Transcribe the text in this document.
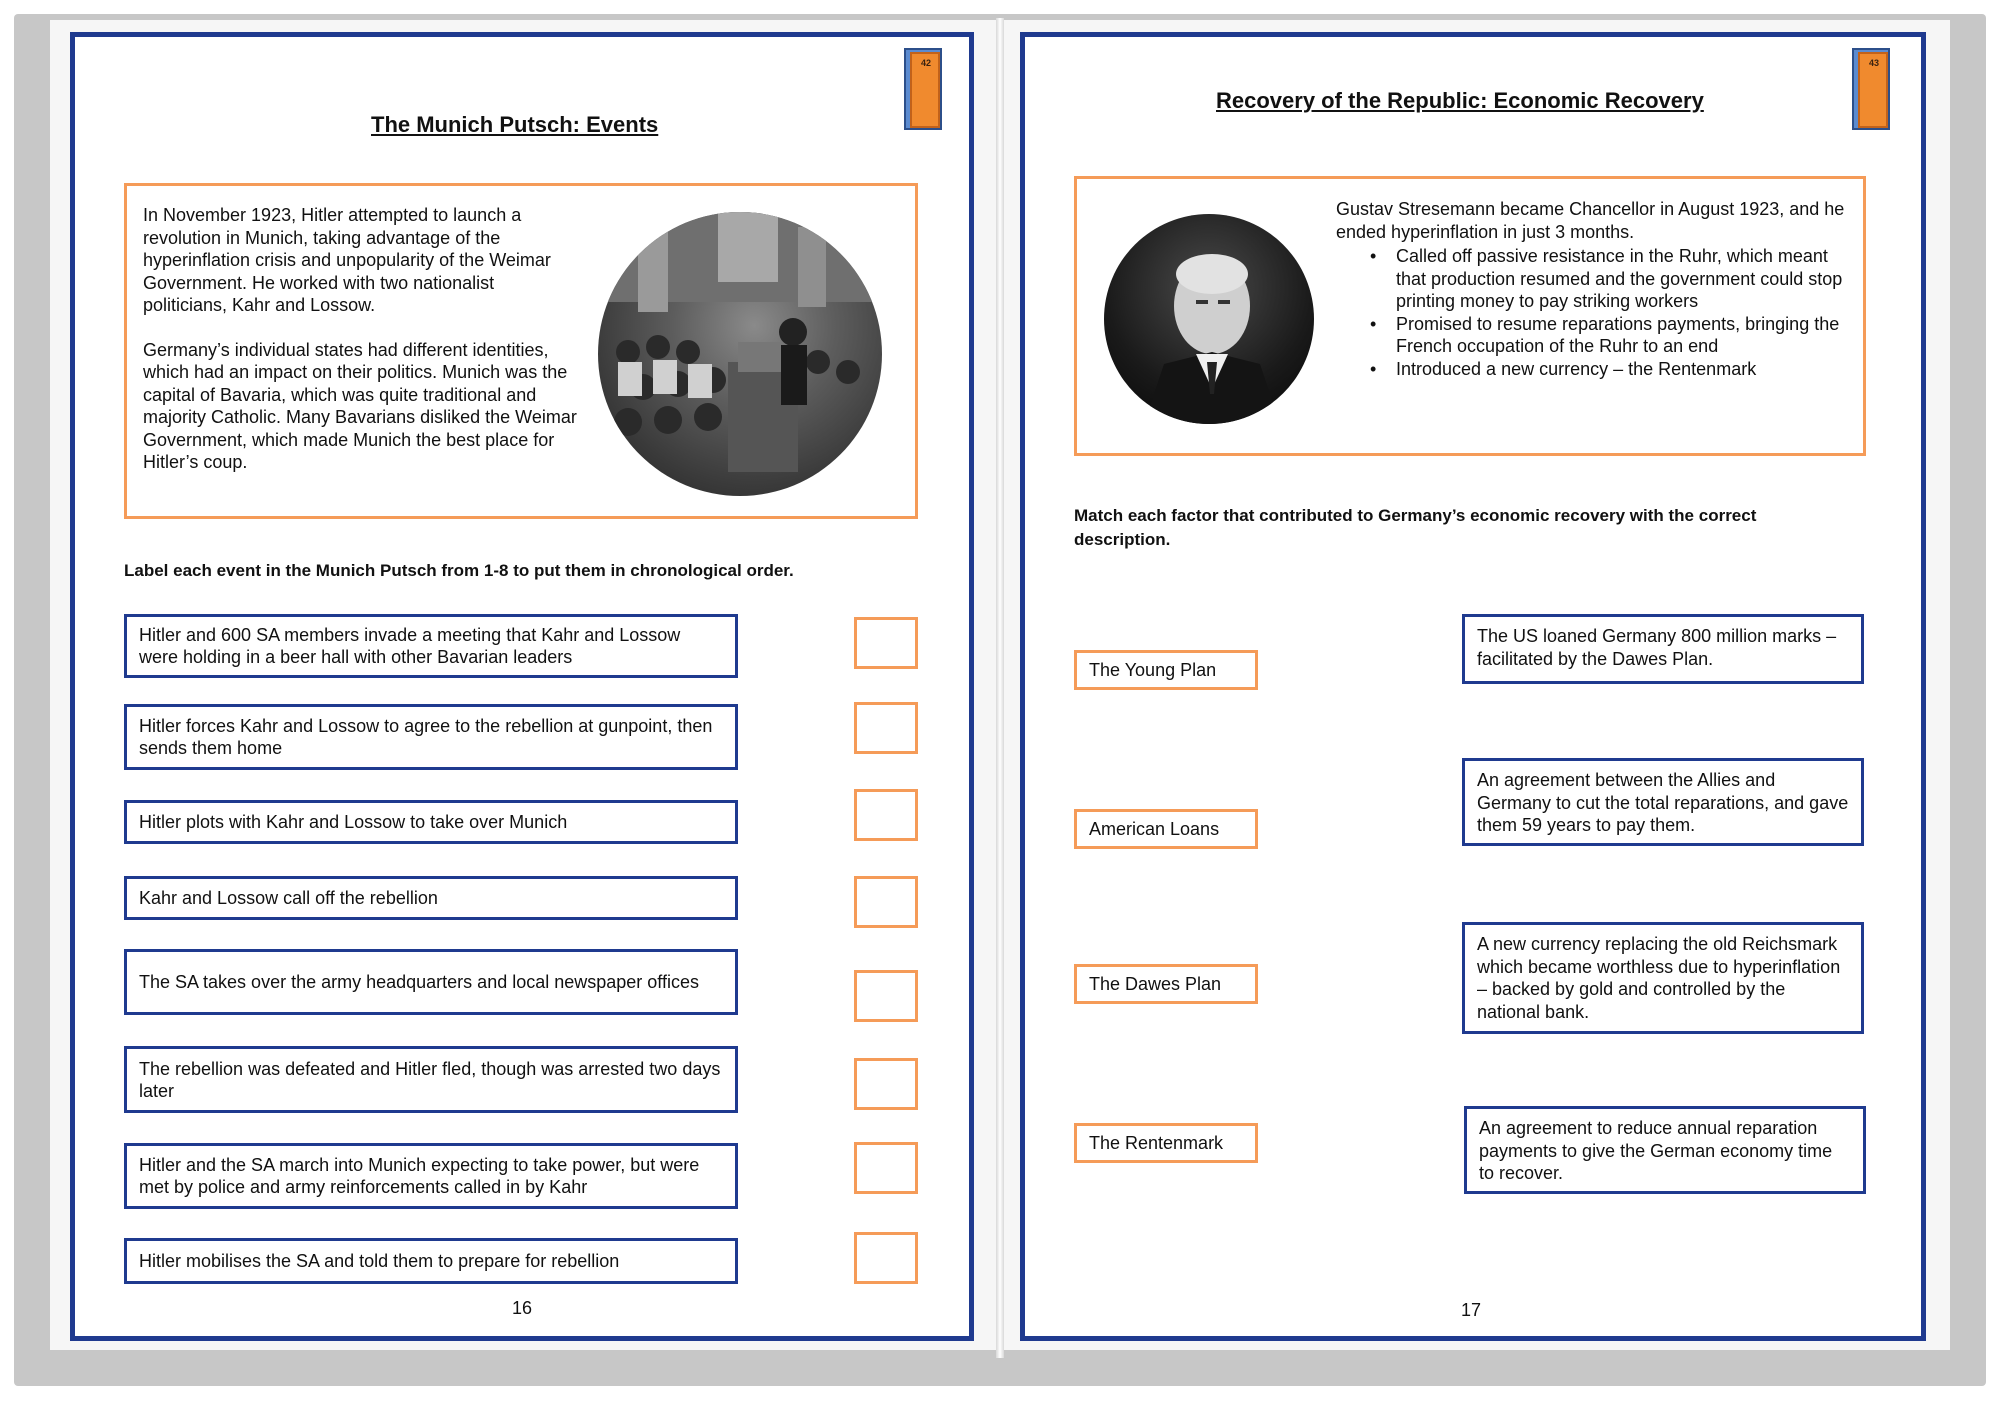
42
The Munich Putsch: Events

In November 1923, Hitler attempted to launch a revolution in Munich, taking advantage of the hyperinflation crisis and unpopularity of the Weimar Government. He worked with two nationalist politicians, Kahr and Lossow.

Germany’s individual states had different identities, which had an impact on their politics. Munich was the capital of Bavaria, which was quite traditional and majority Catholic. Many Bavarians disliked the Weimar Government, which made Munich the best place for Hitler’s coup.

Label each event in the Munich Putsch from 1-8 to put them in chronological order.
Hitler and 600 SA members invade a meeting that Kahr and Lossow were holding in a beer hall with other Bavarian leaders
Hitler forces Kahr and Lossow to agree to the rebellion at gunpoint, then sends them home
Hitler plots with Kahr and Lossow to take over Munich
Kahr and Lossow call off the rebellion
The SA takes over the army headquarters and local newspaper offices
The rebellion was defeated and Hitler fled, though was arrested two days later
Hitler and the SA march into Munich expecting to take power, but were met by police and army reinforcements called in by Kahr
Hitler mobilises the SA and told them to prepare for rebellion
16
43
Recovery of the Republic: Economic Recovery
Gustav Stresemann became Chancellor in August 1923, and he ended hyperinflation in just 3 months.
• Called off passive resistance in the Ruhr, which meant that production resumed and the government could stop printing money to pay striking workers
• Promised to resume reparations payments, bringing the French occupation of the Ruhr to an end
• Introduced a new currency – the Rentenmark
Match each factor that contributed to Germany’s economic recovery with the correct description.
The Young Plan
American Loans
The Dawes Plan
The Rentenmark
The US loaned Germany 800 million marks – facilitated by the Dawes Plan.
An agreement between the Allies and Germany to cut the total reparations, and gave them 59 years to pay them.
A new currency replacing the old Reichsmark which became worthless due to hyperinflation – backed by gold and controlled by the national bank.
An agreement to reduce annual reparation payments to give the German economy time to recover.
17
